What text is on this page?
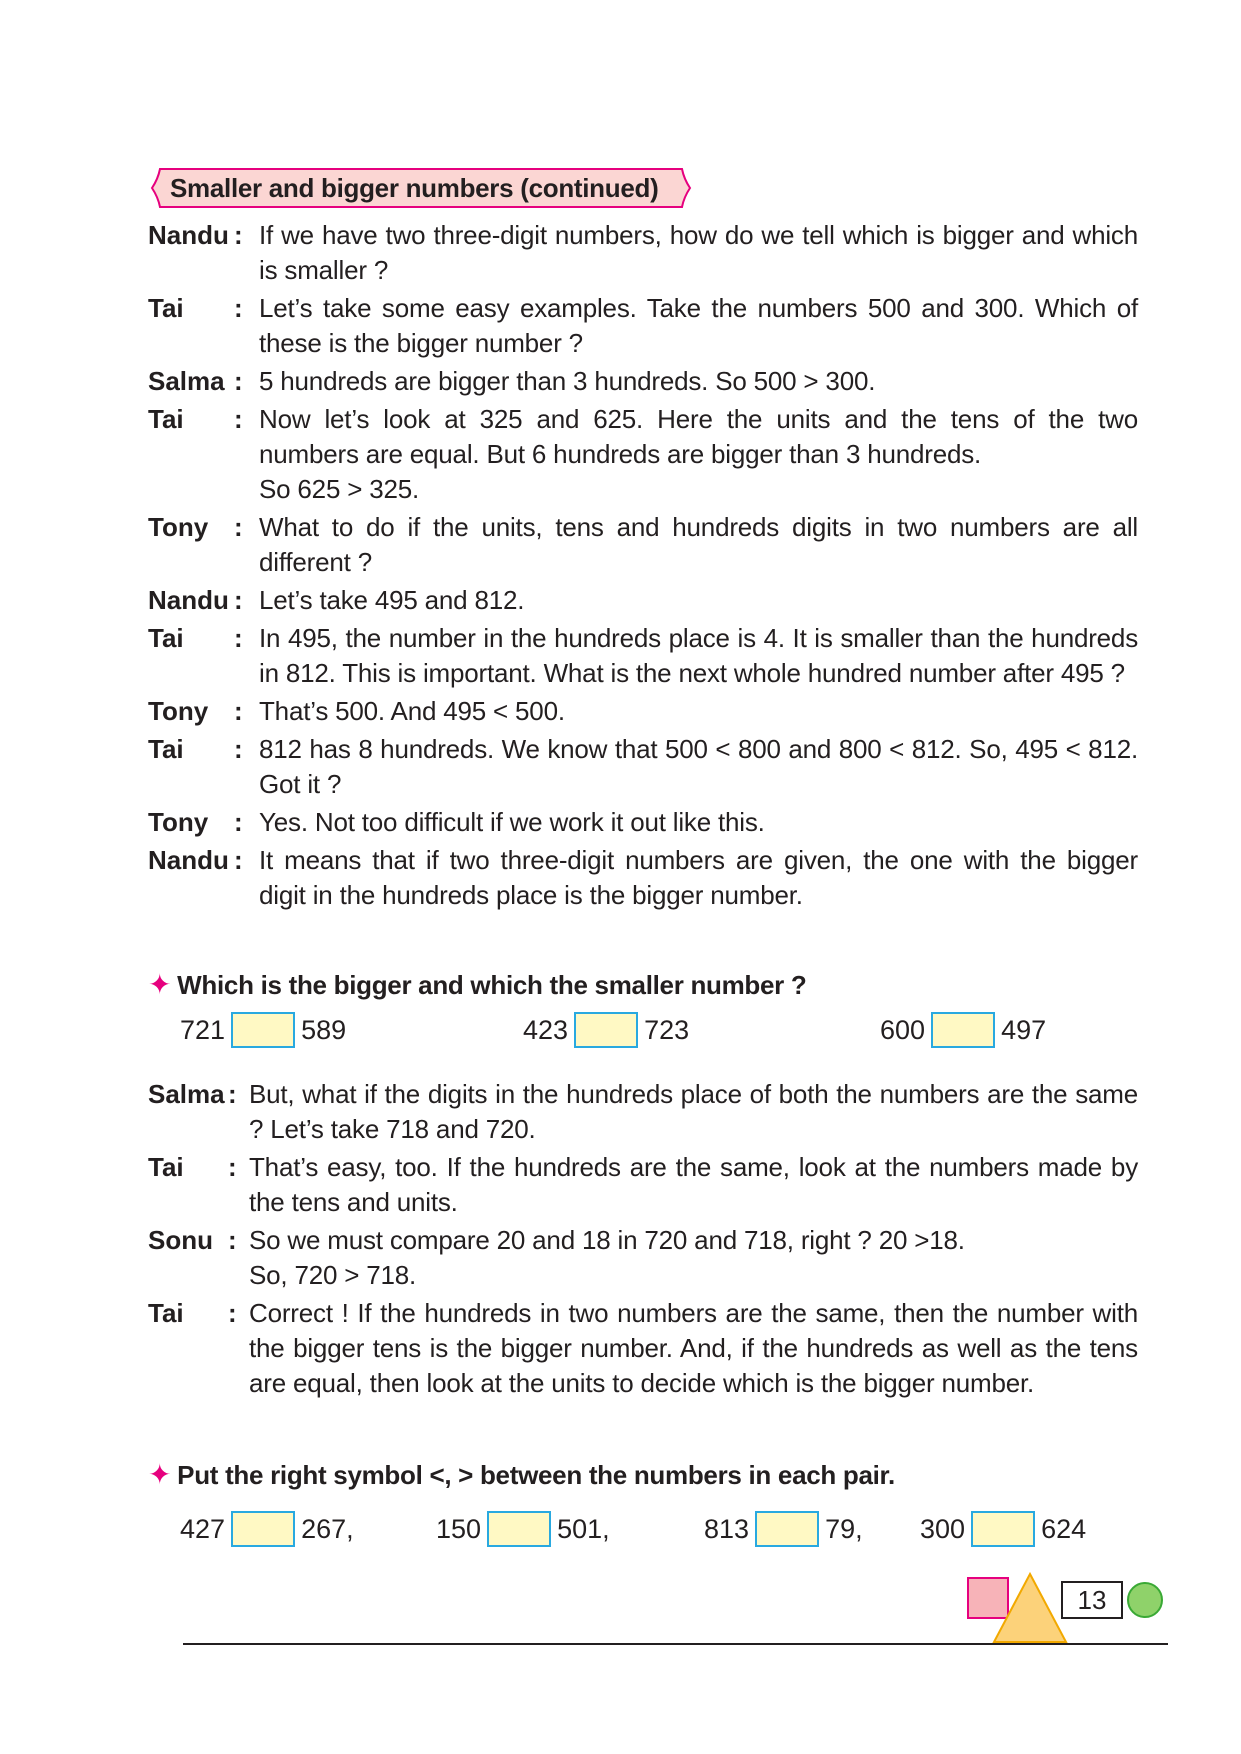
Smaller and bigger numbers (continued)
Nandu : If we have two three-digit numbers, how do we tell which is bigger and which is smaller ?
Tai	: Let’s take some easy examples. Take the numbers 500 and 300. Which of these is the bigger number ?
Salma : 5 hundreds are bigger than 3 hundreds. So 500 > 300.
Tai	: Now let’s look at 325 and 625. Here the units and the tens of the two numbers are equal. But 6 hundreds are bigger than 3 hundreds.
So 625 > 325.
Tony : What to do if the units, tens and hundreds digits in two numbers are all different ?
Nandu : Let’s take 495 and 812.
Tai	: In 495, the number in the hundreds place is 4. It is smaller than the hundreds in 812. This is important. What is the next whole hundred number after 495 ?
Tony : That’s 500. And 495 < 500.
Tai	: 812 has 8 hundreds. We know that 500 < 800 and 800 < 812. So, 495 < 812. Got it ?
Tony : Yes. Not too difficult if we work it out like this.
Nandu : It means that if two three-digit numbers are given, the one with the bigger digit in the hundreds place is the bigger number.
✦ Which is the bigger and which the smaller number ?
721	589	423	723	600	497
Salma : But, what if the digits in the hundreds place of both the numbers are the same ? Let’s take 718 and 720.
Tai	: That’s easy, too. If the hundreds are the same, look at the numbers made by the tens and units.
Sonu : So we must compare 20 and 18 in 720 and 718, right ? 20 >18.
So, 720 > 718.
Tai	: Correct ! If the hundreds in two numbers are the same, then the number with the bigger tens is the bigger number. And, if the hundreds as well as the tens are equal, then look at the units to decide which is the bigger number.
✦ Put the right symbol <, > between the numbers in each pair.
427	267,	150	501,	813	79, 300	624
13
